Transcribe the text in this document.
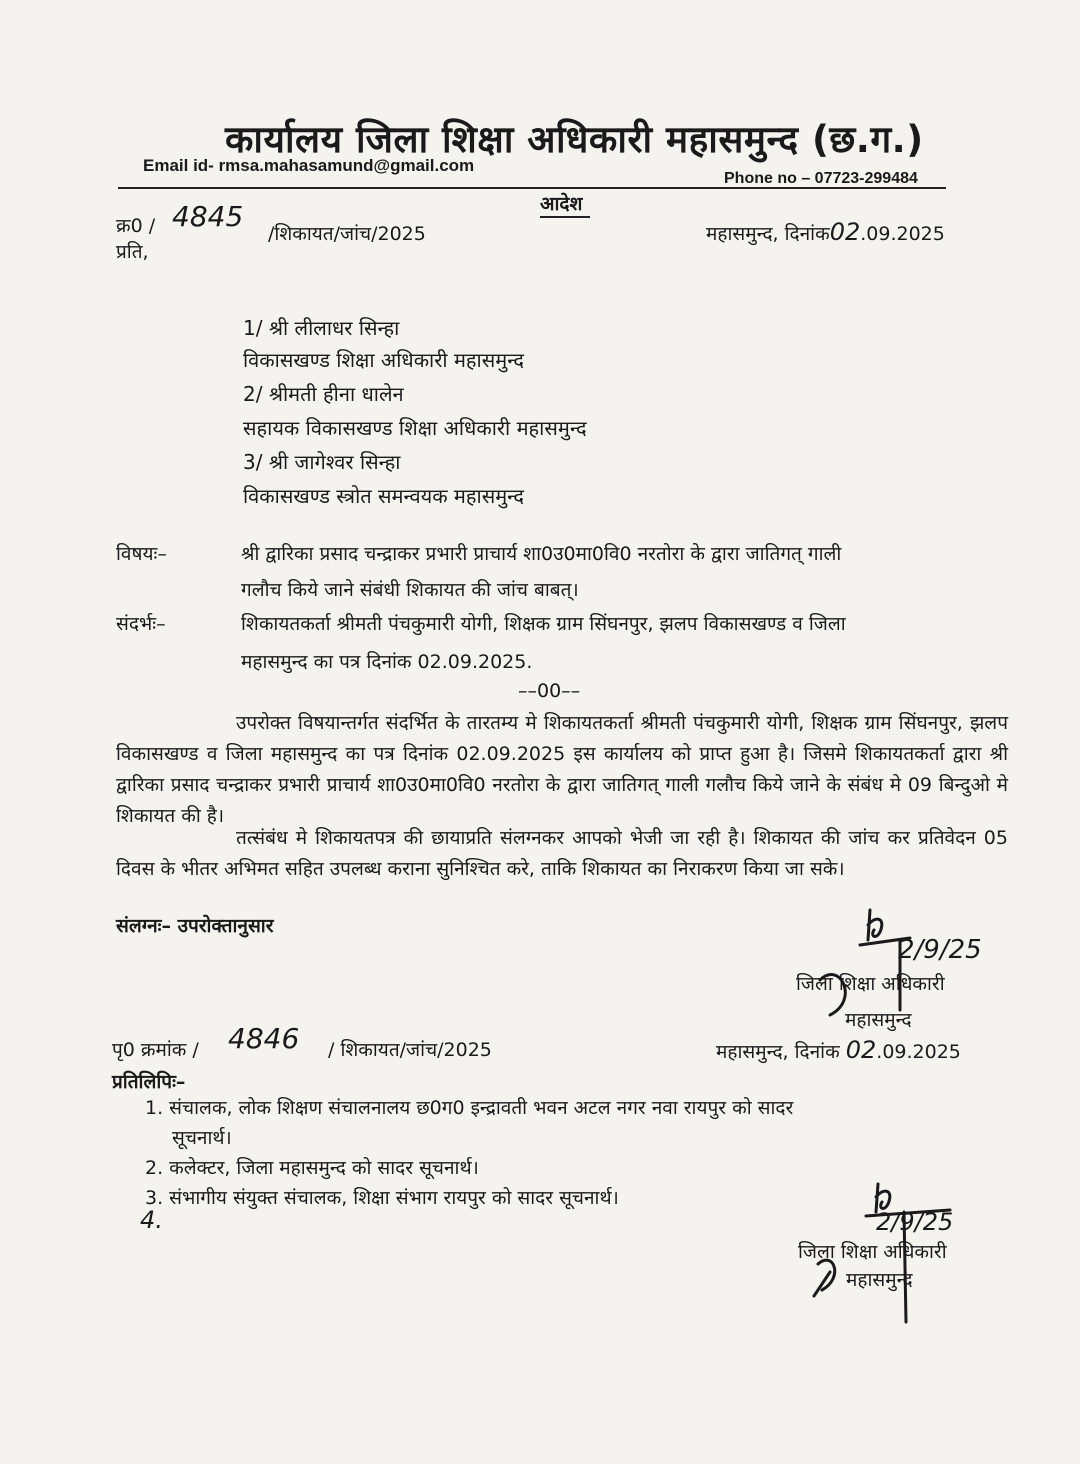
कार्यालय जिला शिक्षा अधिकारी महासमुन्द (छ.ग.)
Email id- rmsa.mahasamund@gmail.com
Phone no – 07723-299484
आदेश
क्र0 / 4845
/शिकायत/जांच/2025	महासमुन्द, दिनांक02.09.2025
प्रति,
1/ श्री लीलाधर सिन्हा
विकासखण्ड शिक्षा अधिकारी महासमुन्द
2/ श्रीमती हीना धालेन
सहायक विकासखण्ड शिक्षा अधिकारी महासमुन्द
3/ श्री जागेश्वर सिन्हा
विकासखण्ड स्त्रोत समन्वयक महासमुन्द
विषयः–	श्री द्वारिका प्रसाद चन्द्राकर प्रभारी प्राचार्य शा0उ0मा0वि0 नरतोरा के द्वारा जातिगत् गाली
गलौच किये जाने संबंधी शिकायत की जांच बाबत्।
संदर्भः–	शिकायतकर्ता श्रीमती पंचकुमारी योगी, शिक्षक ग्राम सिंघनपुर, झलप विकासखण्ड व जिला
महासमुन्द का पत्र दिनांक 02.09.2025.
––00––
उपरोक्त विषयान्तर्गत संदर्भित के तारतम्य मे शिकायतकर्ता श्रीमती पंचकुमारी योगी, शिक्षक ग्राम सिंघनपुर, झलप विकासखण्ड व जिला महासमुन्द का पत्र दिनांक 02.09.2025 इस कार्यालय को प्राप्त हुआ है। जिसमे शिकायतकर्ता द्वारा श्री द्वारिका प्रसाद चन्द्राकर प्रभारी प्राचार्य शा0उ0मा0वि0 नरतोरा के द्वारा जातिगत् गाली गलौच किये जाने के संबंध मे 09 बिन्दुओ मे शिकायत की है।
तत्संबंध मे शिकायतपत्र की छायाप्रति संलग्नकर आपको भेजी जा रही है। शिकायत की जांच कर प्रतिवेदन 05 दिवस के भीतर अभिमत सहित उपलब्ध कराना सुनिश्चित करे, ताकि शिकायत का निराकरण किया जा सके।
संलग्नः– उपरोक्तानुसार
2/9/25
जिला शिक्षा अधिकारी
महासमुन्द
पृ0 क्रमांक / 4846 / शिकायत/जांच/2025	महासमुन्द, दिनांक 02.09.2025
प्रतिलिपिः–
1. संचालक, लोक शिक्षण संचालनालय छ0ग0 इन्द्रावती भवन अटल नगर नवा रायपुर को सादर
सूचनार्थ।
2. कलेक्टर, जिला महासमुन्द को सादर सूचनार्थ।
3. संभागीय संयुक्त संचालक, शिक्षा संभाग रायपुर को सादर सूचनार्थ।
4.	2/9/25
जिला शिक्षा अधिकारी
महासमुन्द
